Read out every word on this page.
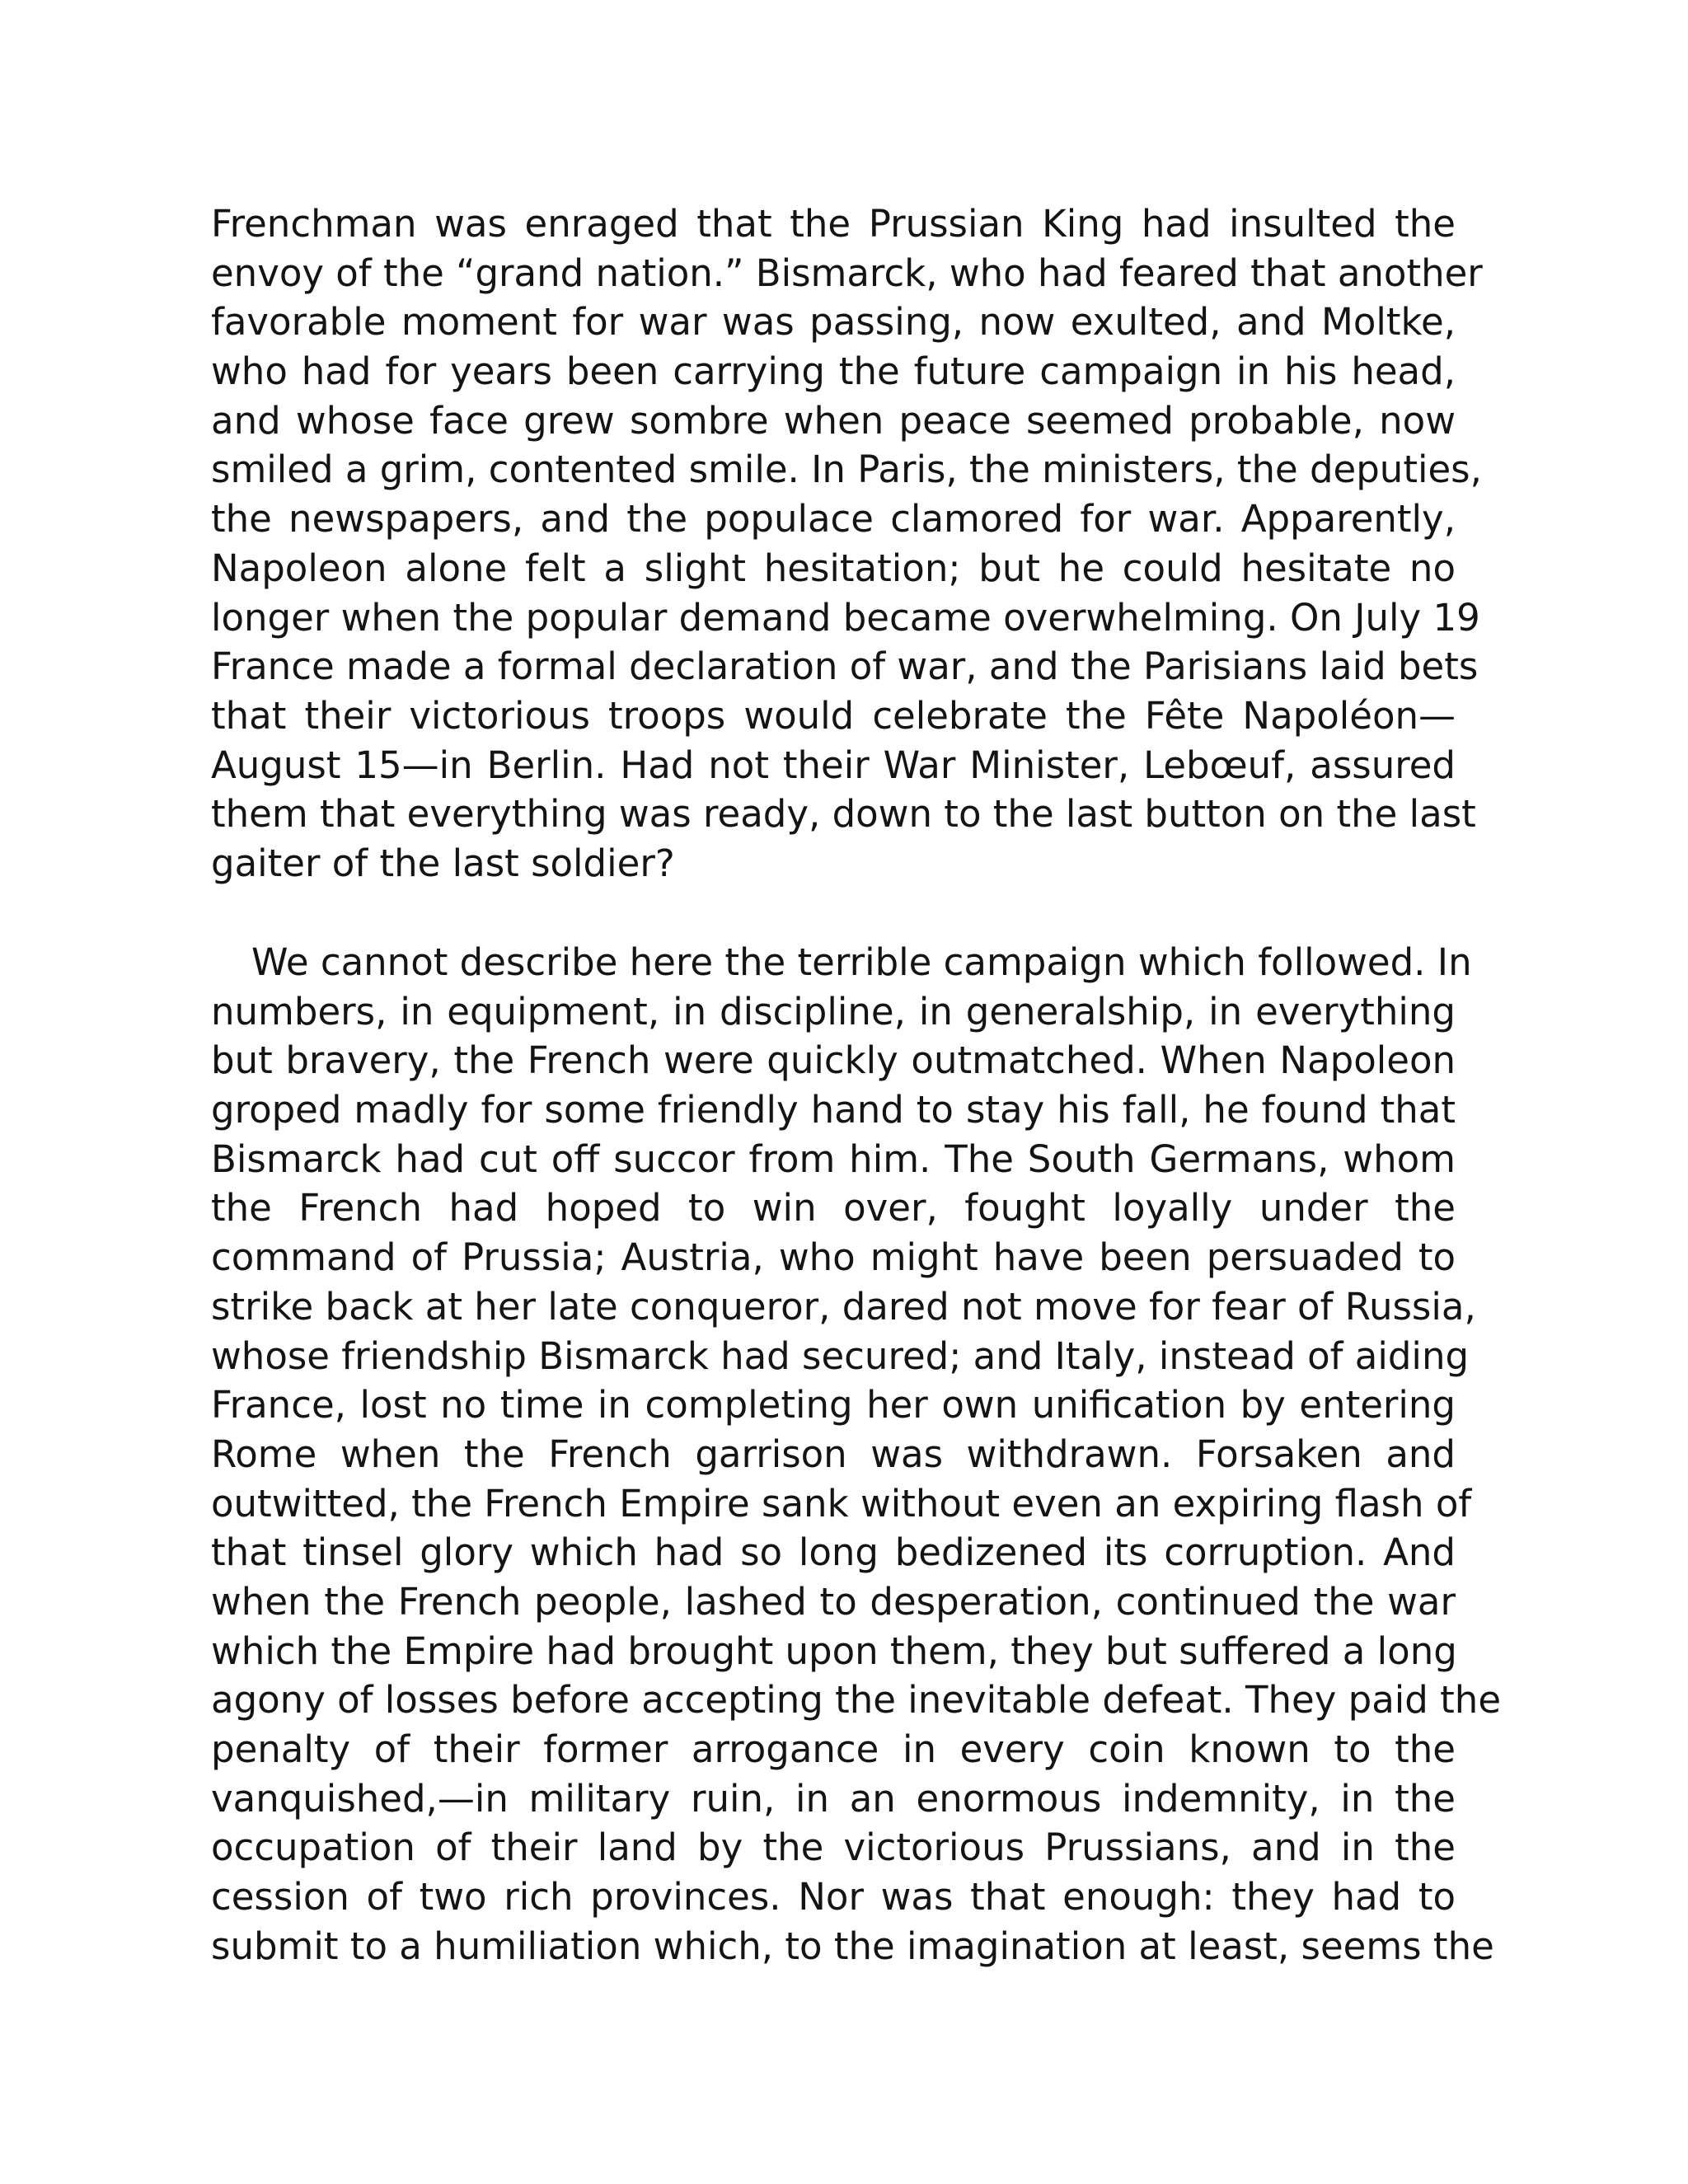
Frenchman was enraged that the Prussian King had insulted the
envoy of the “grand nation.” Bismarck, who had feared that another
favorable moment for war was passing, now exulted, and Moltke,
who had for years been carrying the future campaign in his head,
and whose face grew sombre when peace seemed probable, now
smiled a grim, contented smile. In Paris, the ministers, the deputies,
the newspapers, and the populace clamored for war. Apparently,
Napoleon alone felt a slight hesitation; but he could hesitate no
longer when the popular demand became overwhelming. On July 19
France made a formal declaration of war, and the Parisians laid bets
that their victorious troops would celebrate the Fête Napoléon—
August 15—in Berlin. Had not their War Minister, Lebœuf, assured
them that everything was ready, down to the last button on the last
gaiter of the last soldier?
We cannot describe here the terrible campaign which followed. In
numbers, in equipment, in discipline, in generalship, in everything
but bravery, the French were quickly outmatched. When Napoleon
groped madly for some friendly hand to stay his fall, he found that
Bismarck had cut off succor from him. The South Germans, whom
the French had hoped to win over, fought loyally under the
command of Prussia; Austria, who might have been persuaded to
strike back at her late conqueror, dared not move for fear of Russia,
whose friendship Bismarck had secured; and Italy, instead of aiding
France, lost no time in completing her own unification by entering
Rome when the French garrison was withdrawn. Forsaken and
outwitted, the French Empire sank without even an expiring flash of
that tinsel glory which had so long bedizened its corruption. And
when the French people, lashed to desperation, continued the war
which the Empire had brought upon them, they but suffered a long
agony of losses before accepting the inevitable defeat. They paid the
penalty of their former arrogance in every coin known to the
vanquished,—in military ruin, in an enormous indemnity, in the
occupation of their land by the victorious Prussians, and in the
cession of two rich provinces. Nor was that enough: they had to
submit to a humiliation which, to the imagination at least, seems the
